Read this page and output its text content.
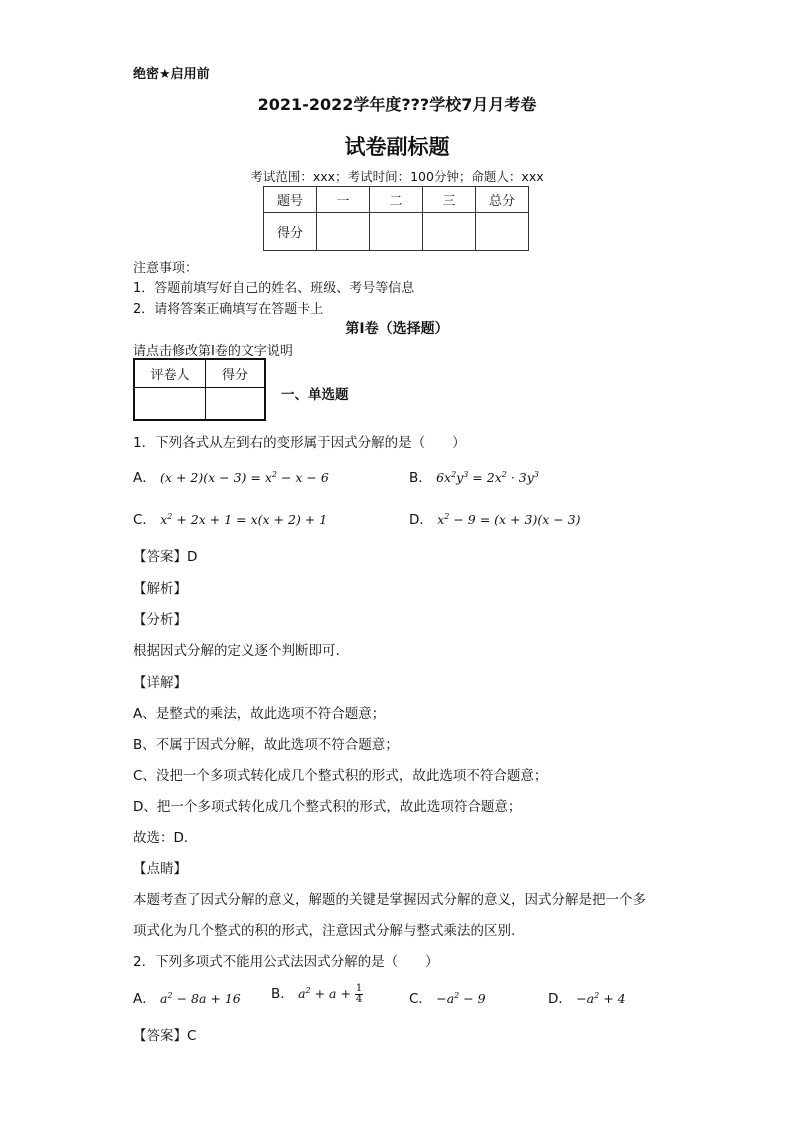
绝密★启用前
2021-2022学年度???学校7月月考卷
试卷副标题
考试范围：xxx；考试时间：100分钟；命题人：xxx
题号	一	二	三	总分
得分				
注意事项：
1．答题前填写好自己的姓名、班级、考号等信息
2．请将答案正确填写在答题卡上
第I卷（选择题）
请点击修改第I卷的文字说明
评卷人	得分

一、单选题
1．下列各式从左到右的变形属于因式分解的是（　　）
A． $(x + 2)(x - 3) = x^2 - x - 6$	B． $6x^2y^3 = 2x^2 \cdot 3y^3$
C． $x^2 + 2x + 1 = x(x + 2) + 1$	D． $x^2 - 9 = (x + 3)(x - 3)$
【答案】D
【解析】
【分析】
根据因式分解的定义逐个判断即可.
【详解】
A、是整式的乘法，故此选项不符合题意；
B、不属于因式分解，故此选项不符合题意；
C、没把一个多项式转化成几个整式积的形式，故此选项不符合题意；
D、把一个多项式转化成几个整式积的形式，故此选项符合题意；
故选：D.
【点睛】
本题考查了因式分解的意义，解题的关键是掌握因式分解的意义，因式分解是把一个多
项式化为几个整式的积的形式，注意因式分解与整式乘法的区别.
2．下列多项式不能用公式法因式分解的是（　　）
A． $a^2 - 8a + 16$ B． $a^2 + a + \frac{1}{4}$	C． $-a^2 - 9$	D． $-a^2 + 4$
【答案】C
